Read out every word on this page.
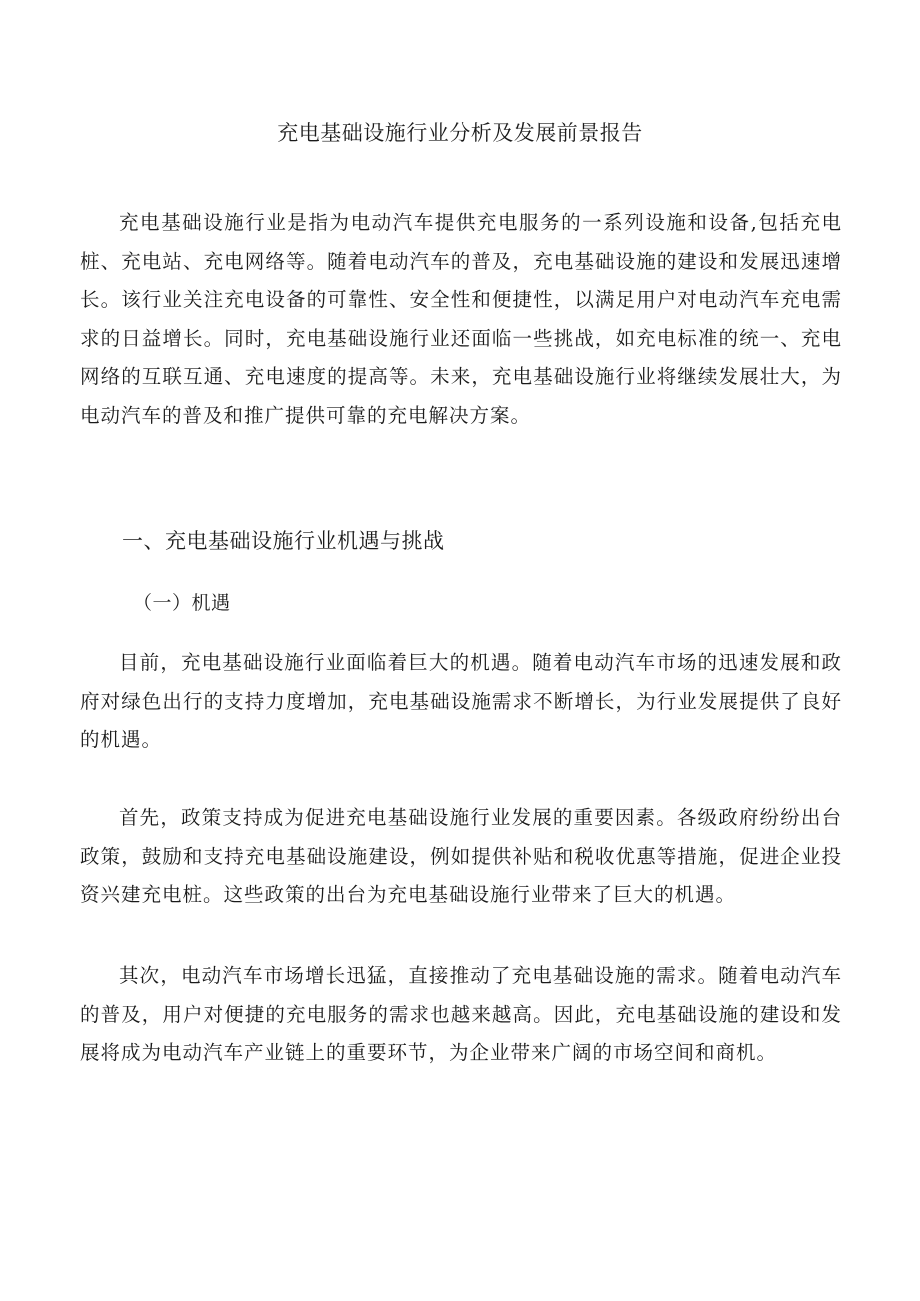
充电基础设施行业分析及发展前景报告

充电基础设施行业是指为电动汽车提供充电服务的一系列设施和设备,包括充电桩、充电站、充电网络等。随着电动汽车的普及，充电基础设施的建设和发展迅速增长。该行业关注充电设备的可靠性、安全性和便捷性，以满足用户对电动汽车充电需求的日益增长。同时，充电基础设施行业还面临一些挑战，如充电标准的统一、充电网络的互联互通、充电速度的提高等。未来，充电基础设施行业将继续发展壮大，为电动汽车的普及和推广提供可靠的充电解决方案。

一、充电基础设施行业机遇与挑战
（一）机遇

目前，充电基础设施行业面临着巨大的机遇。随着电动汽车市场的迅速发展和政府对绿色出行的支持力度增加，充电基础设施需求不断增长，为行业发展提供了良好的机遇。

首先，政策支持成为促进充电基础设施行业发展的重要因素。各级政府纷纷出台政策，鼓励和支持充电基础设施建设，例如提供补贴和税收优惠等措施，促进企业投资兴建充电桩。这些政策的出台为充电基础设施行业带来了巨大的机遇。

其次，电动汽车市场增长迅猛，直接推动了充电基础设施的需求。随着电动汽车的普及，用户对便捷的充电服务的需求也越来越高。因此，充电基础设施的建设和发展将成为电动汽车产业链上的重要环节，为企业带来广阔的市场空间和商机。
